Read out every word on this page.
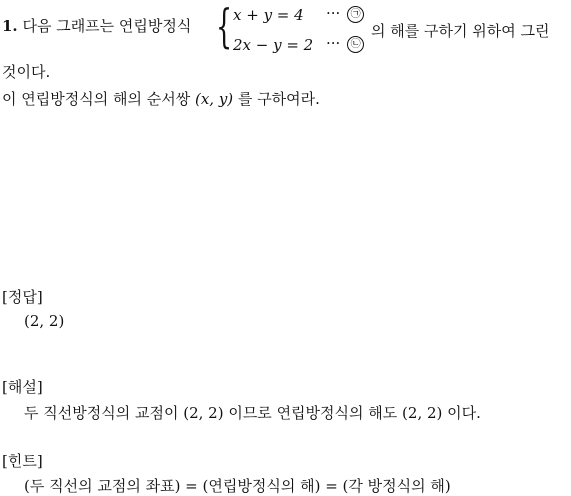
1. 다음 그래프는 연립방정식 { x + y = 4 ··· ㉠
2x − y = 2 ··· ㉡
의 해를 구하기 위하여 그린
것이다.
이 연립방정식의 해의 순서쌍 (x, y) 를 구하여라.
[정답]
(2, 2)
[해설]
두 직선방정식의 교점이 (2, 2) 이므로 연립방정식의 해도 (2, 2) 이다.
[힌트]
(두 직선의 교점의 좌표) = (연립방정식의 해) = (각 방정식의 해)
